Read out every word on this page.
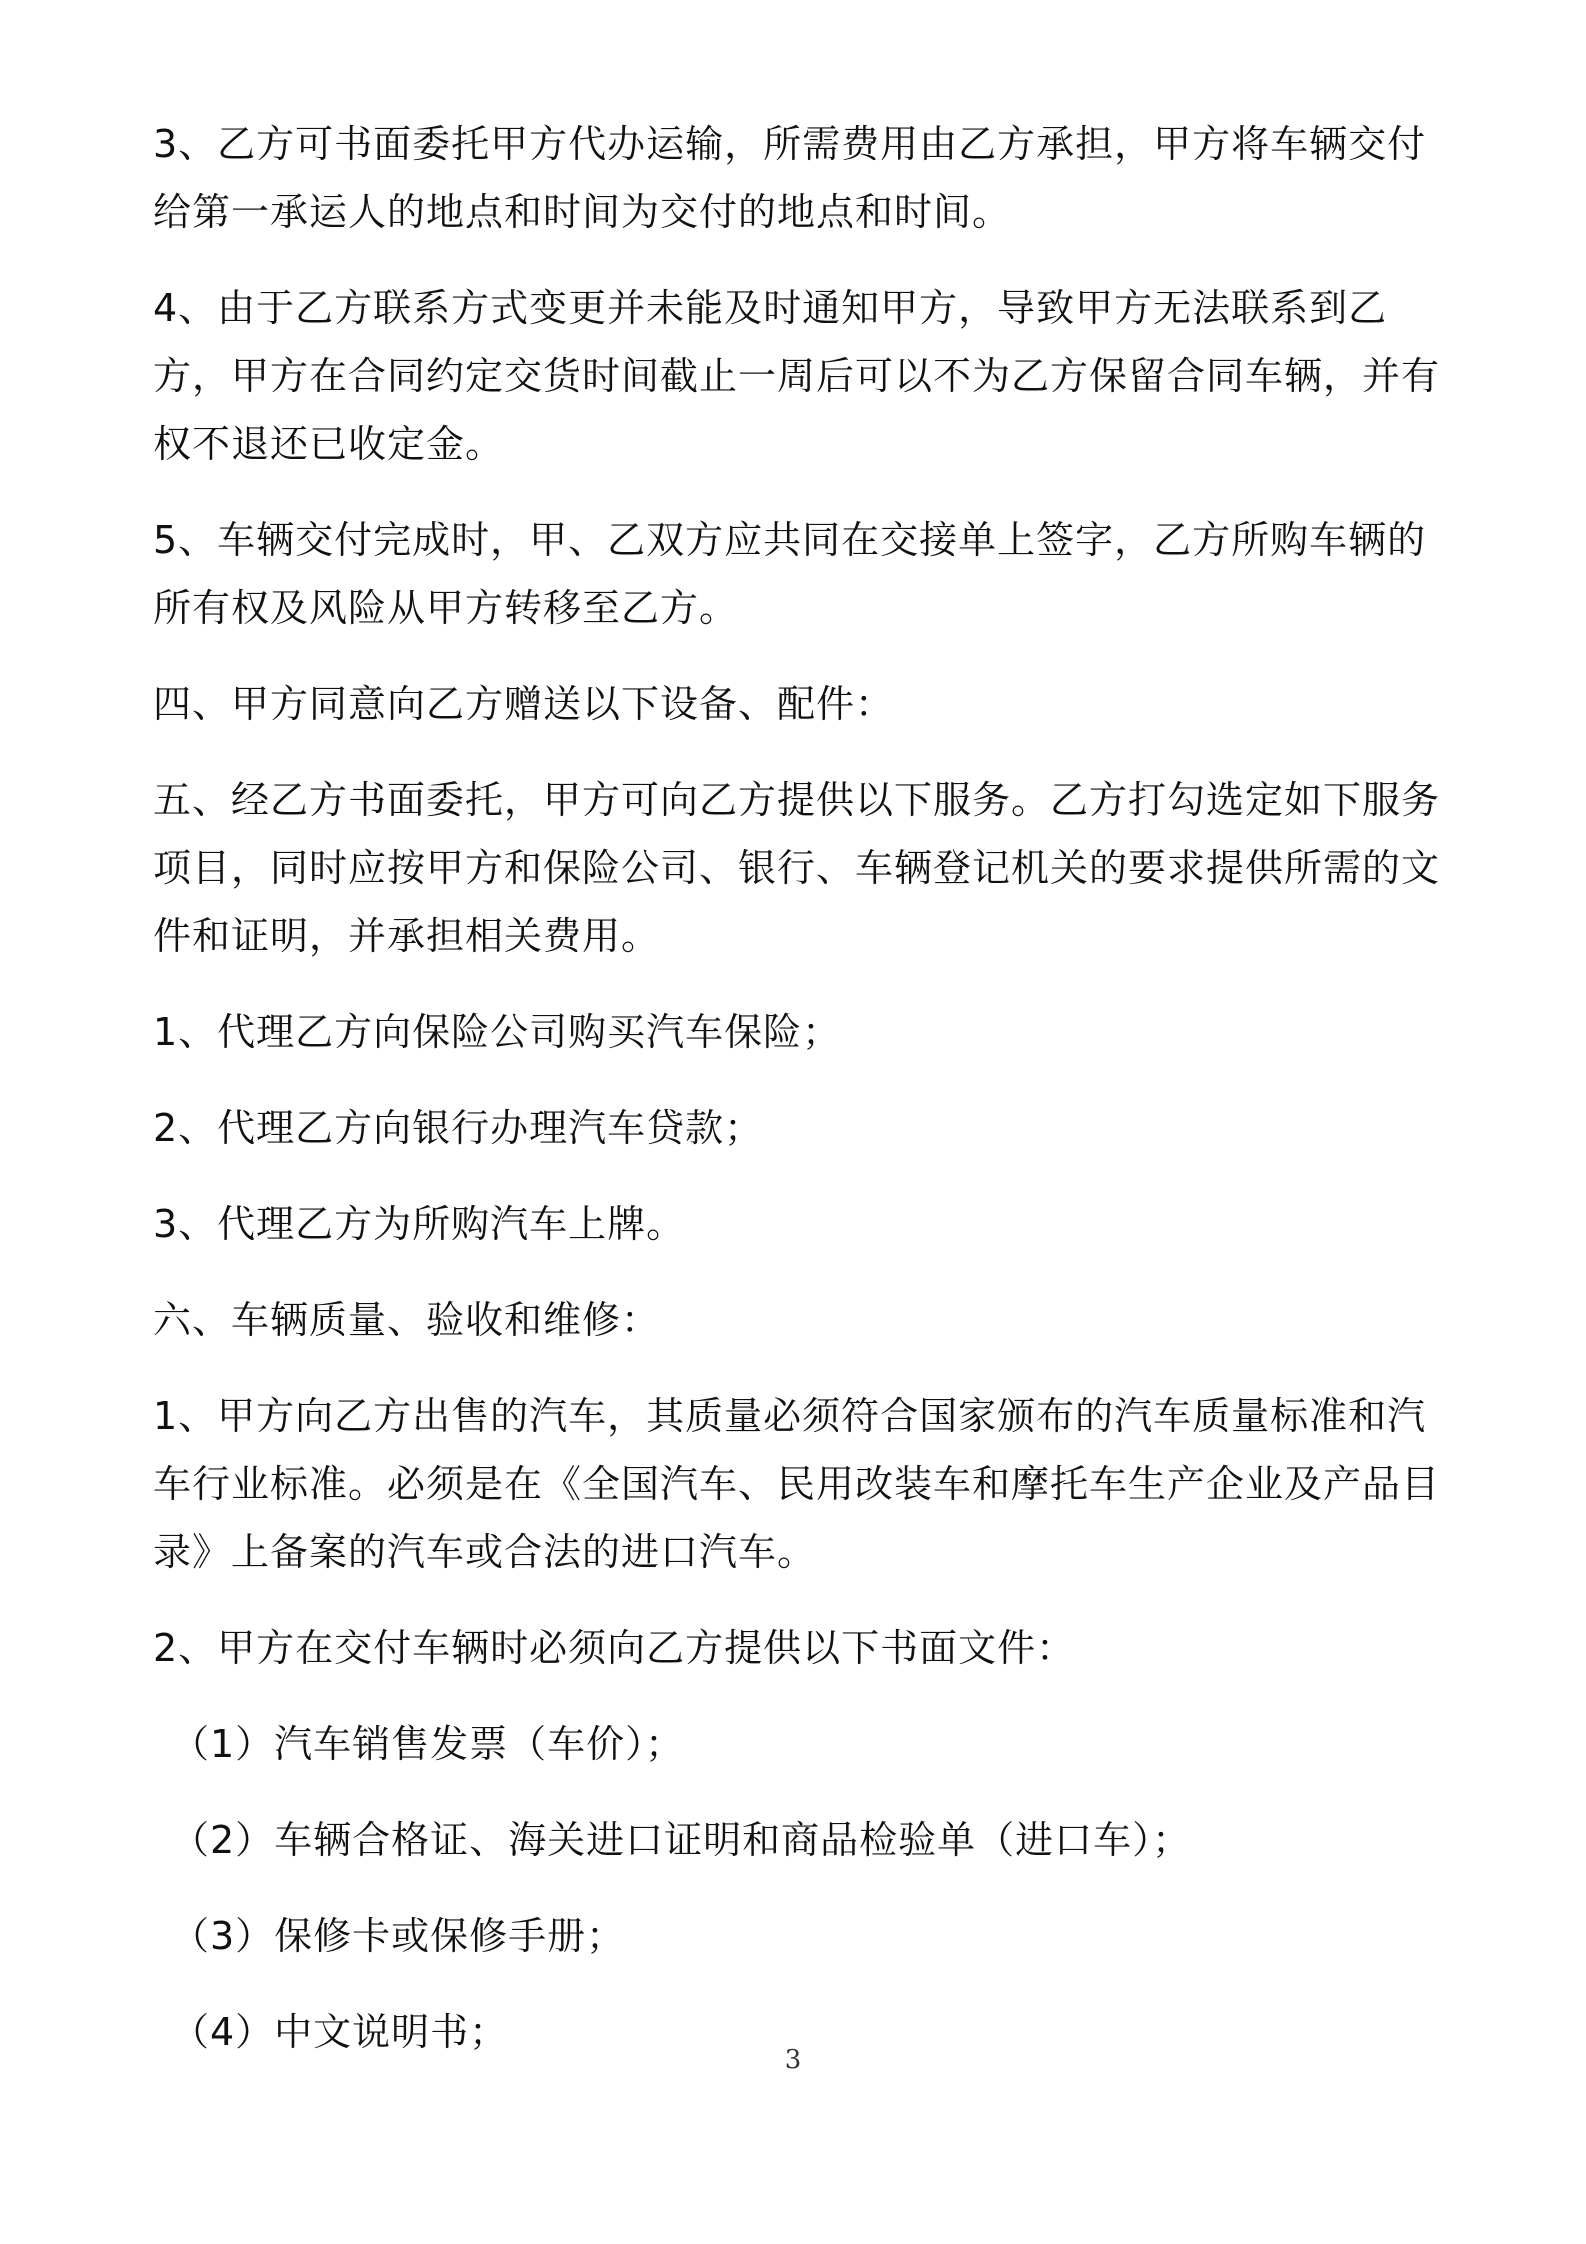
3、乙方可书面委托甲方代办运输，所需费用由乙方承担，甲方将车辆交付给第一承运人的地点和时间为交付的地点和时间。

4、由于乙方联系方式变更并未能及时通知甲方，导致甲方无法联系到乙方，甲方在合同约定交货时间截止一周后可以不为乙方保留合同车辆，并有权不退还已收定金。

5、车辆交付完成时，甲、乙双方应共同在交接单上签字，乙方所购车辆的所有权及风险从甲方转移至乙方。

四、甲方同意向乙方赠送以下设备、配件：

五、经乙方书面委托，甲方可向乙方提供以下服务。乙方打勾选定如下服务项目，同时应按甲方和保险公司、银行、车辆登记机关的要求提供所需的文件和证明，并承担相关费用。

1、代理乙方向保险公司购买汽车保险；

2、代理乙方向银行办理汽车贷款；

3、代理乙方为所购汽车上牌。

六、车辆质量、验收和维修：

1、甲方向乙方出售的汽车，其质量必须符合国家颁布的汽车质量标准和汽车行业标准。必须是在《全国汽车、民用改装车和摩托车生产企业及产品目录》上备案的汽车或合法的进口汽车。

2、甲方在交付车辆时必须向乙方提供以下书面文件：

（1）汽车销售发票（车价）；

（2）车辆合格证、海关进口证明和商品检验单（进口车）；

（3）保修卡或保修手册；

（4）中文说明书；

3
